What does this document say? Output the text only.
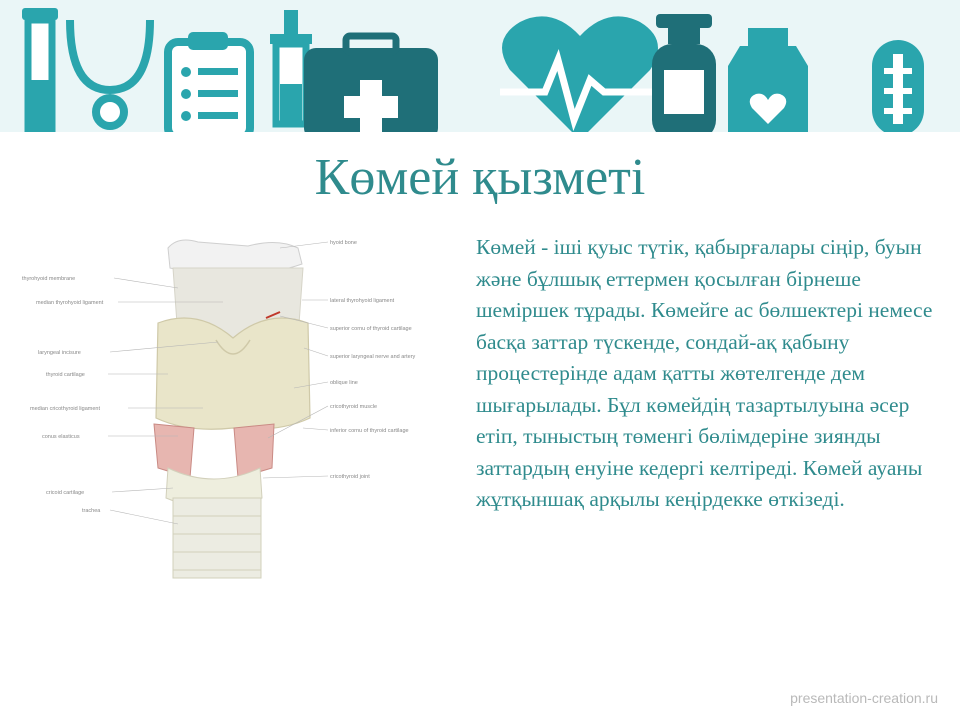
Көмей қызметі
thyrohyoid membrane
median thyrohyoid ligament
laryngeal incisure
thyroid cartilage
median cricothyroid ligament
conus elasticus
cricoid cartilage
trachea
hyoid bone
lateral thyrohyoid ligament
superior cornu of thyroid cartilage
superior laryngeal nerve and artery
oblique line
cricothyroid muscle
inferior cornu of thyroid cartilage
cricothyroid joint

Көмей - іші қуыс түтік, қабырғалары сіңір, буын және бұлшық еттермен қосылған бірнеше шеміршек тұрады. Көмейге ас бөлшектері немесе басқа заттар түскенде, сондай-ақ қабыну процестерінде адам қатты жөтелгенде дем шығарылады. Бұл көмейдің тазартылуына әсер етіп, тыныстың төменгі бөлімдеріне зиянды заттардың енуіне кедергі келтіреді. Көмей ауаны жұтқыншақ арқылы кеңірдекке өткізеді.

presentation-creation.ru
